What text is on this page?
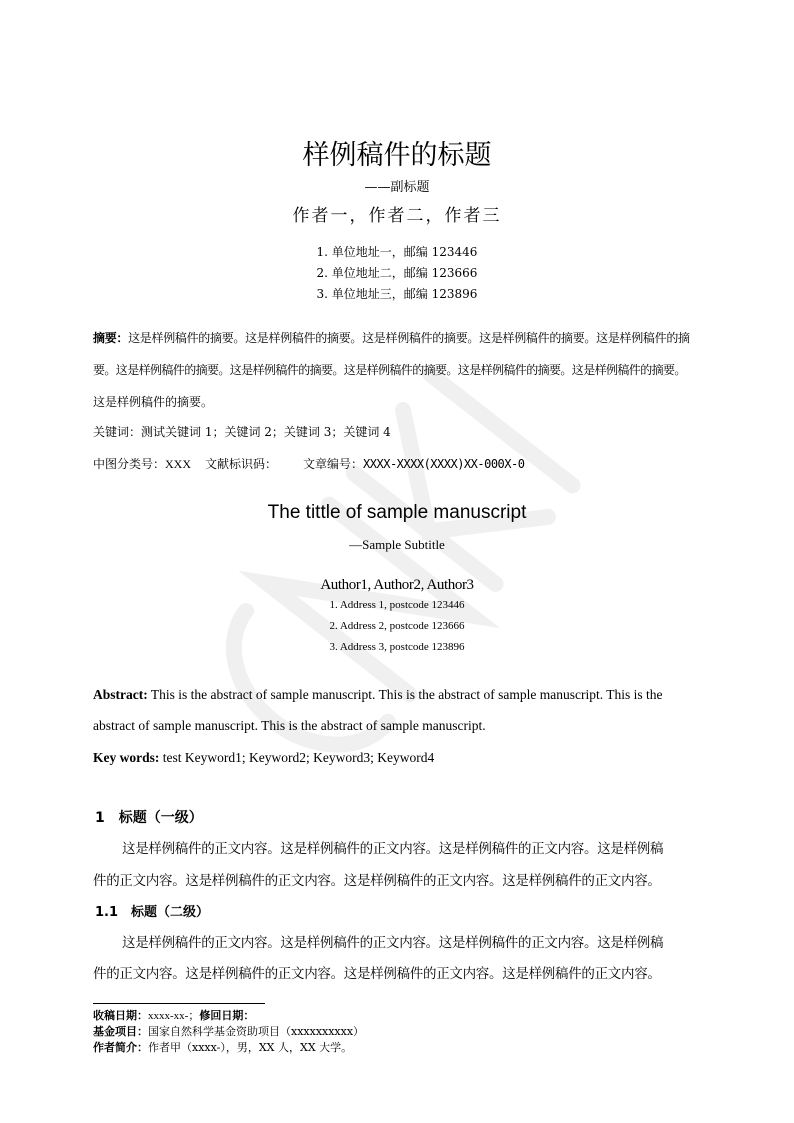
样例稿件的标题
——副标题
作者一，作者二，作者三
1. 单位地址一，邮编 123446
2. 单位地址二，邮编 123666
3. 单位地址三，邮编 123896
摘要：这是样例稿件的摘要。这是样例稿件的摘要。这是样例稿件的摘要。这是样例稿件的摘要。这是样例稿件的摘
要。这是样例稿件的摘要。这是样例稿件的摘要。这是样例稿件的摘要。这是样例稿件的摘要。这是样例稿件的摘要。
这是样例稿件的摘要。
关键词：测试关键词 1；关键词 2；关键词 3；关键词 4
中图分类号：XXX 文献标识码： 文章编号：XXXX-XXXX(XXXX)XX-000X-0
The tittle of sample manuscript
—Sample Subtitle
Author1, Author2, Author3
1. Address 1, postcode 123446
2. Address 2, postcode 123666
3. Address 3, postcode 123896
Abstract: This is the abstract of sample manuscript. This is the abstract of sample manuscript. This is the
abstract of sample manuscript. This is the abstract of sample manuscript.
Key words: test Keyword1; Keyword2; Keyword3; Keyword4
1　标题（一级）
这是样例稿件的正文内容。这是样例稿件的正文内容。这是样例稿件的正文内容。这是样例稿
件的正文内容。这是样例稿件的正文内容。这是样例稿件的正文内容。这是样例稿件的正文内容。
1.1　标题（二级）
这是样例稿件的正文内容。这是样例稿件的正文内容。这是样例稿件的正文内容。这是样例稿
件的正文内容。这是样例稿件的正文内容。这是样例稿件的正文内容。这是样例稿件的正文内容。
收稿日期：xxxx-xx-；修回日期：
基金项目：国家自然科学基金资助项目（xxxxxxxxxx）
作者简介：作者甲（xxxx-），男，XX 人，XX 大学。
